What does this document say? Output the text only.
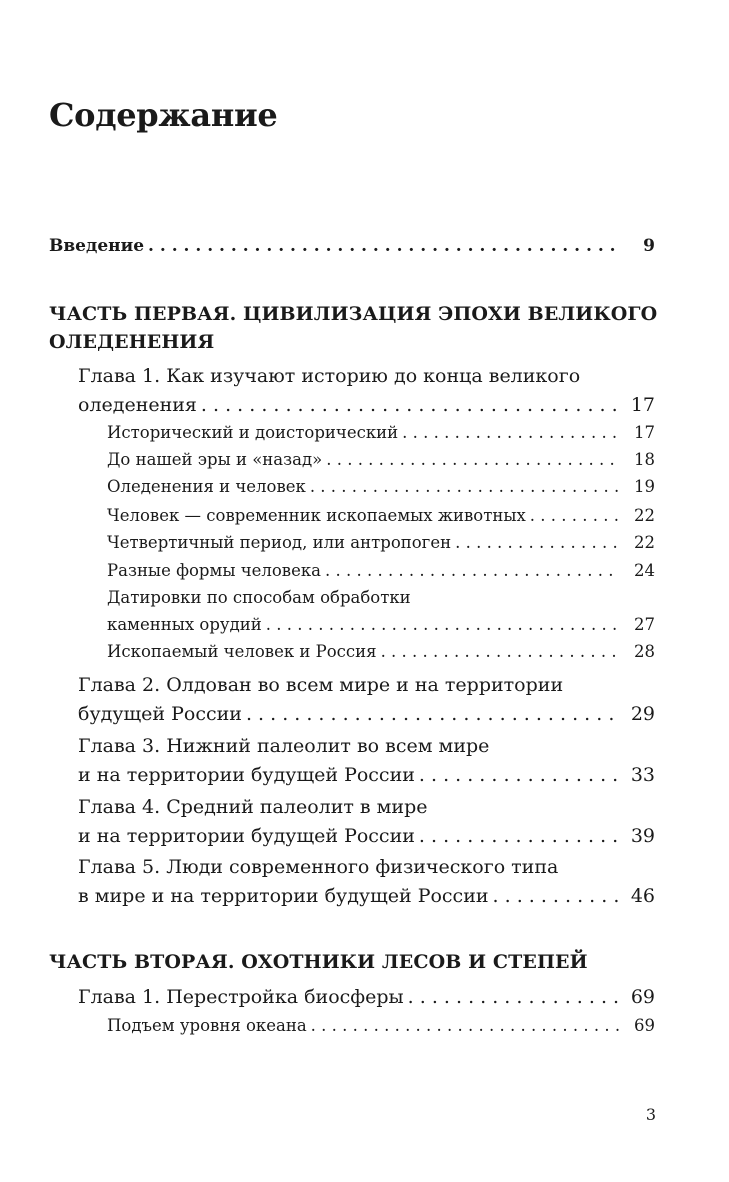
Содержание
Введение . . .	9
ЧАСТЬ ПЕРВАЯ. ЦИВИЛИЗАЦИЯ ЭПОХИ ВЕЛИКОГО ОЛЕДЕНЕНИЯ
Глава 1. Как изучают историю до конца великого
оледенения . . .	17
Исторический и доисторический . . .	17
До нашей эры и «назад» . . .	18
Оледенения и человек . . .	19
Человек — современник ископаемых животных . . .	22
Четвертичный период, или антропоген . . .	22
Разные формы человека . . .	24
Датировки по способам обработки
каменных орудий . . .	27
Ископаемый человек и Россия . . .	28
Глава 2. Олдован во всем мире и на территории
будущей России . . .	29
Глава 3. Нижний палеолит во всем мире
и на территории будущей России . . .	33
Глава 4. Средний палеолит в мире
и на территории будущей России . . .	39
Глава 5. Люди современного физического типа
в мире и на территории будущей России . . .	46
ЧАСТЬ ВТОРАЯ. ОХОТНИКИ ЛЕСОВ И СТЕПЕЙ
Глава 1. Перестройка биосферы . . .	69
Подъем уровня океана . . .	69
3
